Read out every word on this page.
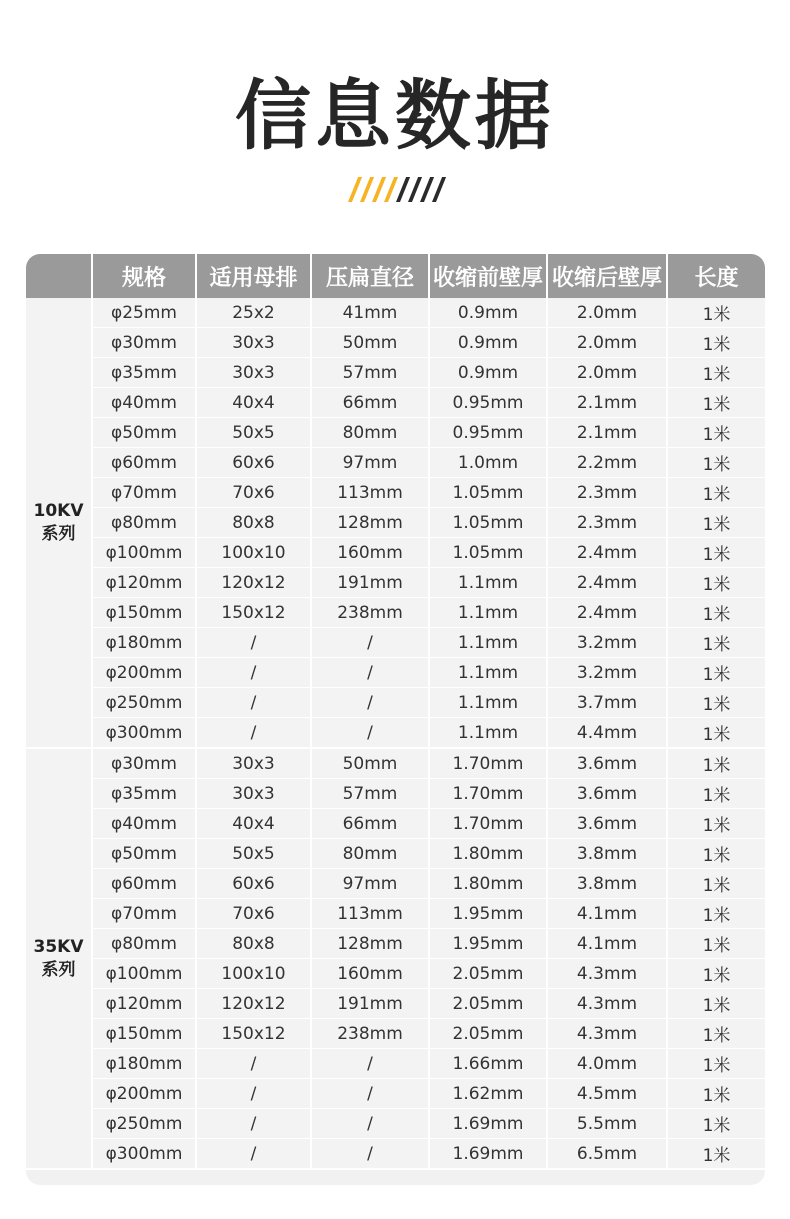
信息数据
	规格	适用母排	压扁直径	收缩前壁厚	收缩后壁厚	长度

10KV
系列	φ25mm	25x2	41mm	0.9mm	2.0mm	1米
	φ30mm	30x3	50mm	0.9mm	2.0mm	1米
	φ35mm	30x3	57mm	0.9mm	2.0mm	1米
	φ40mm	40x4	66mm	0.95mm	2.1mm	1米
	φ50mm	50x5	80mm	0.95mm	2.1mm	1米
	φ60mm	60x6	97mm	1.0mm	2.2mm	1米
	φ70mm	70x6	113mm	1.05mm	2.3mm	1米
	φ80mm	80x8	128mm	1.05mm	2.3mm	1米
	φ100mm	100x10	160mm	1.05mm	2.4mm	1米
	φ120mm	120x12	191mm	1.1mm	2.4mm	1米
	φ150mm	150x12	238mm	1.1mm	2.4mm	1米
	φ180mm	/	/	1.1mm	3.2mm	1米
	φ200mm	/	/	1.1mm	3.2mm	1米
	φ250mm	/	/	1.1mm	3.7mm	1米
	φ300mm	/	/	1.1mm	4.4mm	1米

35KV
系列	φ30mm	30x3	50mm	1.70mm	3.6mm	1米
	φ35mm	30x3	57mm	1.70mm	3.6mm	1米
	φ40mm	40x4	66mm	1.70mm	3.6mm	1米
	φ50mm	50x5	80mm	1.80mm	3.8mm	1米
	φ60mm	60x6	97mm	1.80mm	3.8mm	1米
	φ70mm	70x6	113mm	1.95mm	4.1mm	1米
	φ80mm	80x8	128mm	1.95mm	4.1mm	1米
	φ100mm	100x10	160mm	2.05mm	4.3mm	1米
	φ120mm	120x12	191mm	2.05mm	4.3mm	1米
	φ150mm	150x12	238mm	2.05mm	4.3mm	1米
	φ180mm	/	/	1.66mm	4.0mm	1米
	φ200mm	/	/	1.62mm	4.5mm	1米
	φ250mm	/	/	1.69mm	5.5mm	1米
	φ300mm	/	/	1.69mm	6.5mm	1米
